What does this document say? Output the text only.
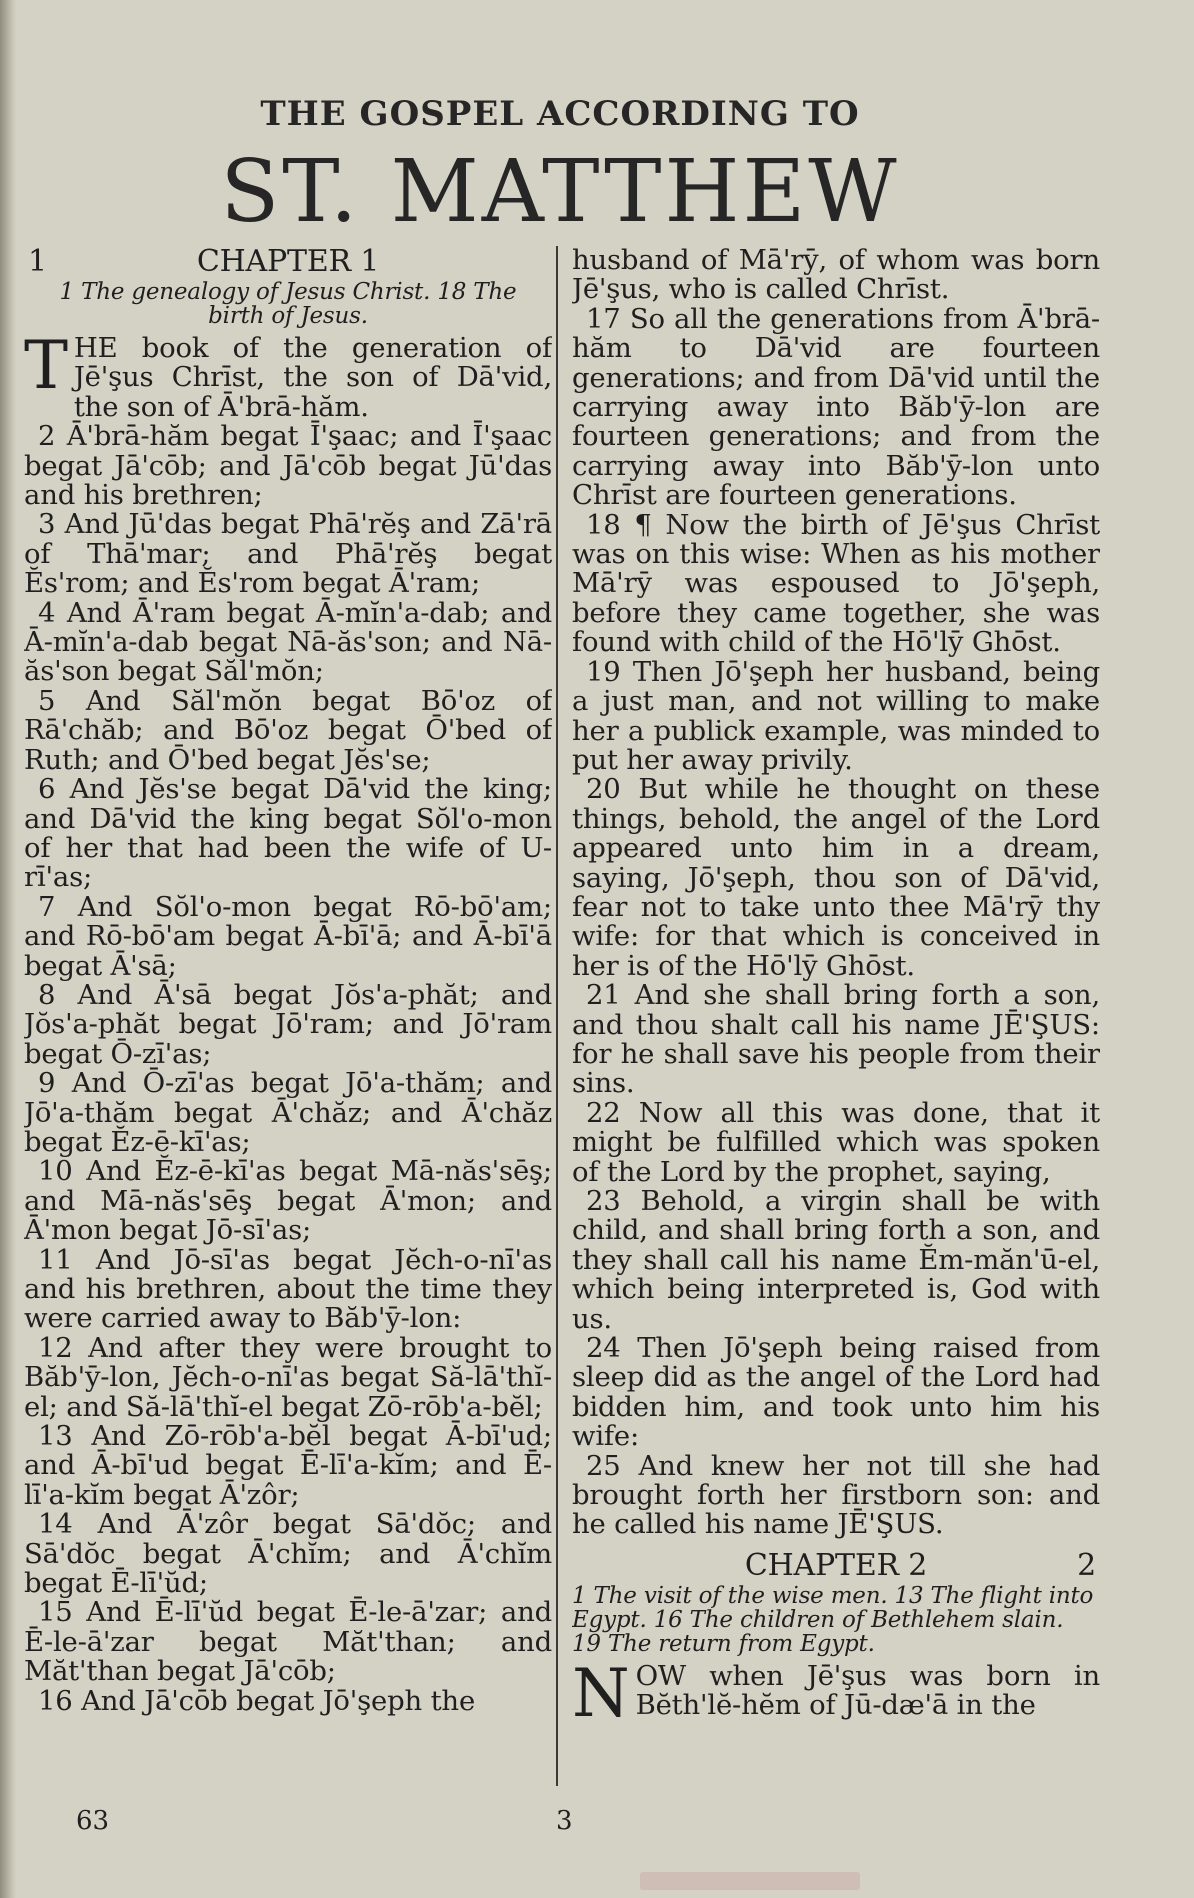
THE GOSPEL ACCORDING TO
ST. MATTHEW
1	CHAPTER 1
1 The genealogy of Jesus Christ. 18 The birth of Jesus.

THE book of the generation of Jē'şus Chrīst, the son of Dā'vid, the son of Ā'brā-hăm.

2 Ā'brā-hăm begat Ī'şaac; and Ī'şaac begat Jā'cōb; and Jā'cōb begat Jū'das and his brethren;

3 And Jū'das begat Phā'rĕş and Zā'rā of Thā'mar; and Phā'rĕş begat Ĕs'rom; and Ĕs'rom begat Ā'ram;

4 And Ā'ram begat Ā-mĭn'a-dab; and Ā-mĭn'a-dab begat Nā-ăs'son; and Nā-ăs'son begat Săl'mŏn;

5 And Săl'mŏn begat Bō'oz of Rā'chăb; and Bō'oz begat Ō'bed of Ruth; and Ō'bed begat Jĕs'se;

6 And Jĕs'se begat Dā'vid the king; and Dā'vid the king begat Sŏl'o-mon of her that had been the wife of U-rī'as;

7 And Sŏl'o-mon begat Rō-bō'am; and Rō-bō'am begat Ā-bī'ā; and Ā-bī'ā begat Ā'sā;

8 And Ā'sā begat Jŏs'a-phăt; and Jŏs'a-phăt begat Jō'ram; and Jō'ram begat Ō-zī'as;

9 And Ō-zī'as begat Jō'a-thăm; and Jō'a-thăm begat Ā'chăz; and Ā'chăz begat Ĕz-ē-kī'as;

10 And Ĕz-ē-kī'as begat Mā-năs'sēş; and Mā-năs'sēş begat Ā'mon; and Ā'mon begat Jō-sī'as;

11 And Jō-sī'as begat Jĕch-o-nī'as and his brethren, about the time they were carried away to Băb'ȳ-lon:

12 And after they were brought to Băb'ȳ-lon, Jĕch-o-nī'as begat Să-lā'thĭ-el; and Să-lā'thĭ-el begat Zō-rōb'a-bĕl;

13 And Zō-rōb'a-bĕl begat Ā-bī'ud; and Ā-bī'ud begat Ē-lī'a-kĭm; and Ē-lī'a-kĭm begat Ā'zôr;

14 And Ā'zôr begat Sā'dŏc; and Sā'dŏc begat Ā'chĭm; and Ā'chĭm begat Ē-lī'ŭd;

15 And Ē-lī'ŭd begat Ē-le-ā'zar; and Ē-le-ā'zar begat Măt'than; and Măt'than begat Jā'cōb;

16 And Jā'cōb begat Jō'şeph the

husband of Mā'rȳ, of whom was born Jē'şus, who is called Chrīst.

17 So all the generations from Ā'brā-hăm to Dā'vid are fourteen generations; and from Dā'vid until the carrying away into Băb'ȳ-lon are fourteen generations; and from the carrying away into Băb'ȳ-lon unto Chrīst are fourteen generations.

18 ¶ Now the birth of Jē'şus Chrīst was on this wise: When as his mother Mā'rȳ was espoused to Jō'şeph, before they came together, she was found with child of the Hō'lȳ Ghōst.

19 Then Jō'şeph her husband, being a just man, and not willing to make her a publick example, was minded to put her away privily.

20 But while he thought on these things, behold, the angel of the Lord appeared unto him in a dream, saying, Jō'şeph, thou son of Dā'vid, fear not to take unto thee Mā'rȳ thy wife: for that which is conceived in her is of the Hō'lȳ Ghōst.

21 And she shall bring forth a son, and thou shalt call his name JĒ'ŞUS: for he shall save his people from their sins.

22 Now all this was done, that it might be fulfilled which was spoken of the Lord by the prophet, saying,

23 Behold, a virgin shall be with child, and shall bring forth a son, and they shall call his name Ĕm-măn'ū-el, which being interpreted is, God with us.

24 Then Jō'şeph being raised from sleep did as the angel of the Lord had bidden him, and took unto him his wife:

25 And knew her not till she had brought forth her firstborn son: and he called his name JĒ'ŞUS.

CHAPTER 2	2
1 The visit of the wise men. 13 The flight into Egypt. 16 The children of Bethlehem slain. 19 The return from Egypt.

NOW when Jē'şus was born in Bĕth'lĕ-hĕm of Jū-dæ'ā in the

63	3
